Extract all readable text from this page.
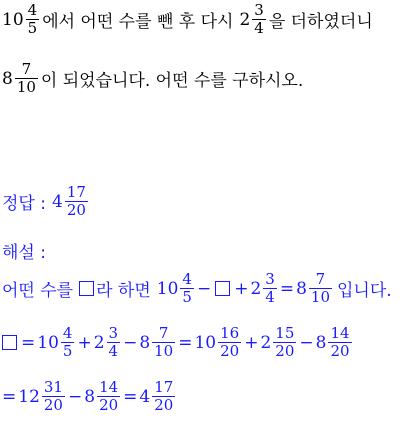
$10 \frac{4}{5}$ 에서 어떤 수를 뺀 후 다시 $2 \frac{3}{4}$ 을 더하였더니
$8 \frac{7}{10}$ 이 되었습니다. 어떤 수를 구하시오.
정답 : $4 \frac{17}{20}$
해설 :
어떤 수를 라 하면 $10 \frac{4}{5}$ − + $2 \frac{3}{4} = 8 \frac{7}{10}$ 입니다.
= $10 \frac{4}{5} + 2 \frac{3}{4} - 8 \frac{7}{10} = 10 \frac{16}{20} + 2 \frac{15}{20} - 8 \frac{14}{20}$
= $12 \frac{31}{20} - 8 \frac{14}{20} = 4 \frac{17}{20}$
